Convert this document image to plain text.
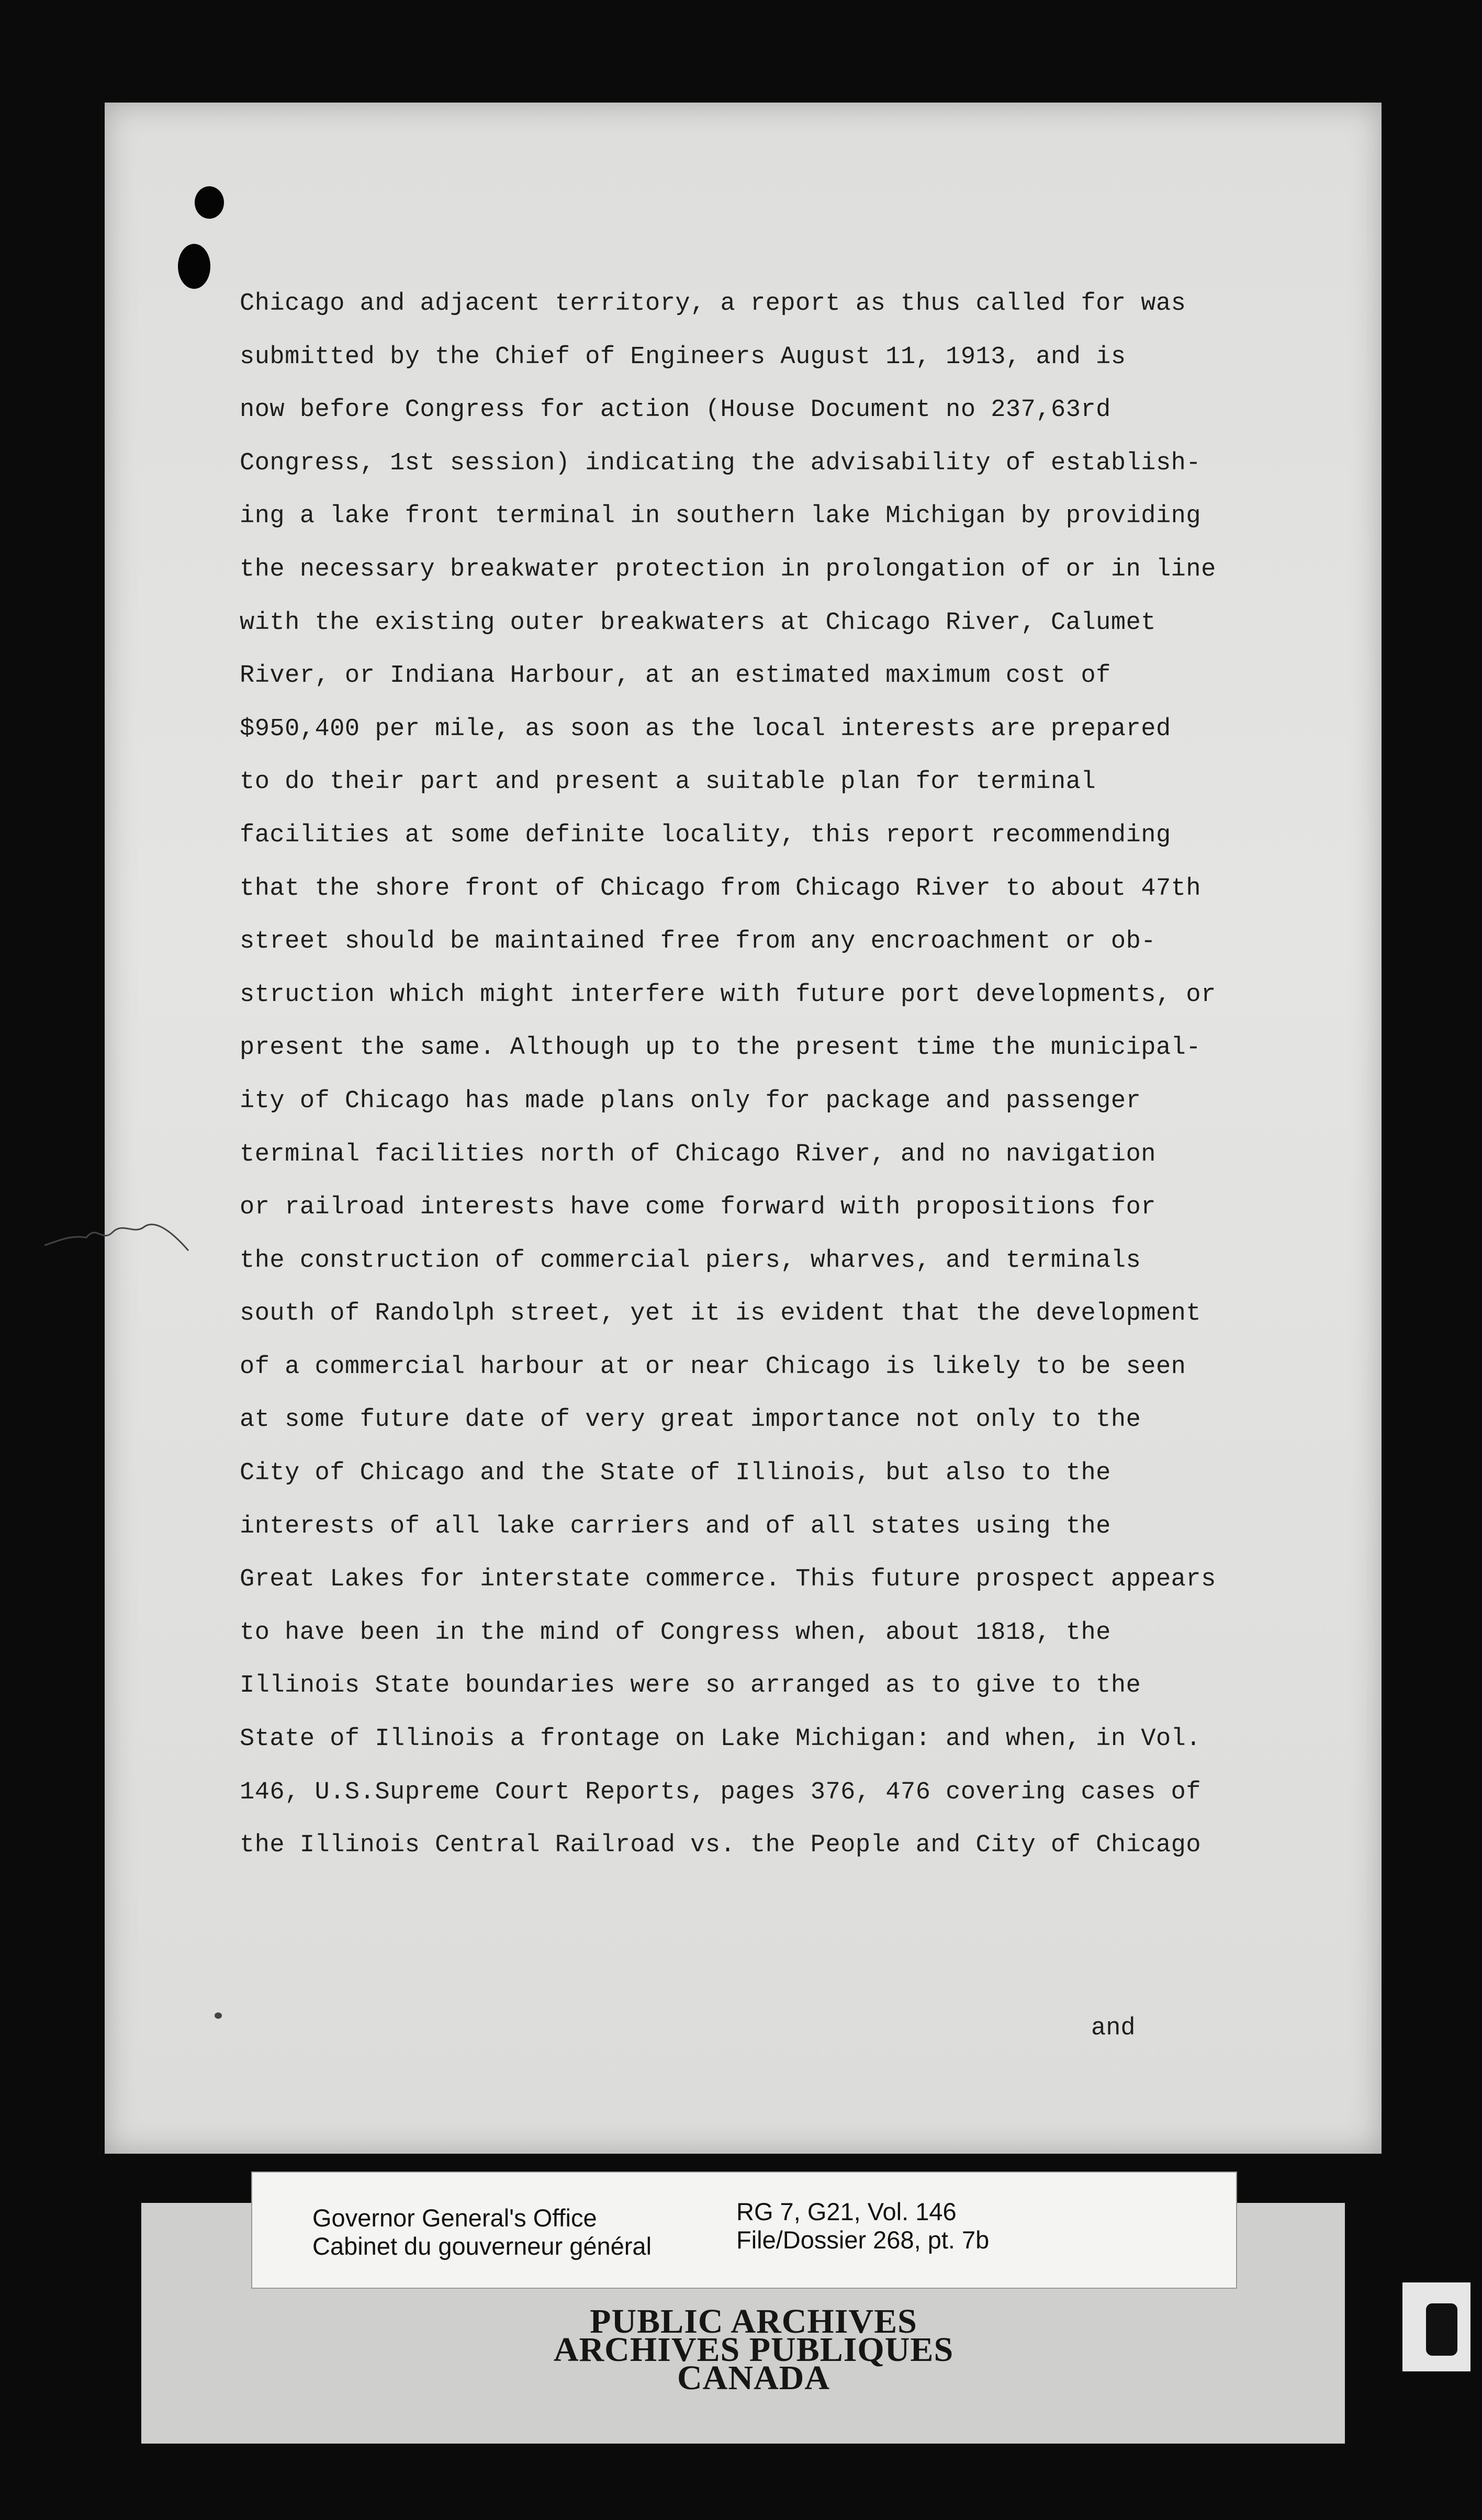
Chicago and adjacent territory, a report as thus called for was
submitted by the Chief of Engineers August 11, 1913, and is
now before Congress for action (House Document no 237,63rd
Congress, 1st session) indicating the advisability of establish-
ing a lake front terminal in southern lake Michigan by providing
the necessary breakwater protection in prolongation of or in line
with the existing outer breakwaters at Chicago River, Calumet
River, or Indiana Harbour, at an estimated maximum cost of
$950,400 per mile, as soon as the local interests are prepared
to do their part and present a suitable plan for terminal
facilities at some definite locality, this report recommending
that the shore front of Chicago from Chicago River to about 47th
street should be maintained free from any encroachment or ob-
struction which might interfere with future port developments, or
present the same. Although up to the present time the municipal-
ity of Chicago has made plans only for package and passenger
terminal facilities north of Chicago River, and no navigation
or railroad interests have come forward with propositions for
the construction of commercial piers, wharves, and terminals
south of Randolph street, yet it is evident that the development
of a commercial harbour at or near Chicago is likely to be seen
at some future date of very great importance not only to the
City of Chicago and the State of Illinois, but also to the
interests of all lake carriers and of all states using the
Great Lakes for interstate commerce. This future prospect appears
to have been in the mind of Congress when, about 1818, the
Illinois State boundaries were so arranged as to give to the
State of Illinois a frontage on Lake Michigan: and when, in Vol.
146, U.S.Supreme Court Reports, pages 376, 476 covering cases of
the Illinois Central Railroad vs. the People and City of Chicago
and
Governor General's Office
Cabinet du gouverneur général
RG 7, G21, Vol. 146
File/Dossier 268, pt. 7b
PUBLIC ARCHIVES
ARCHIVES PUBLIQUES
CANADA
